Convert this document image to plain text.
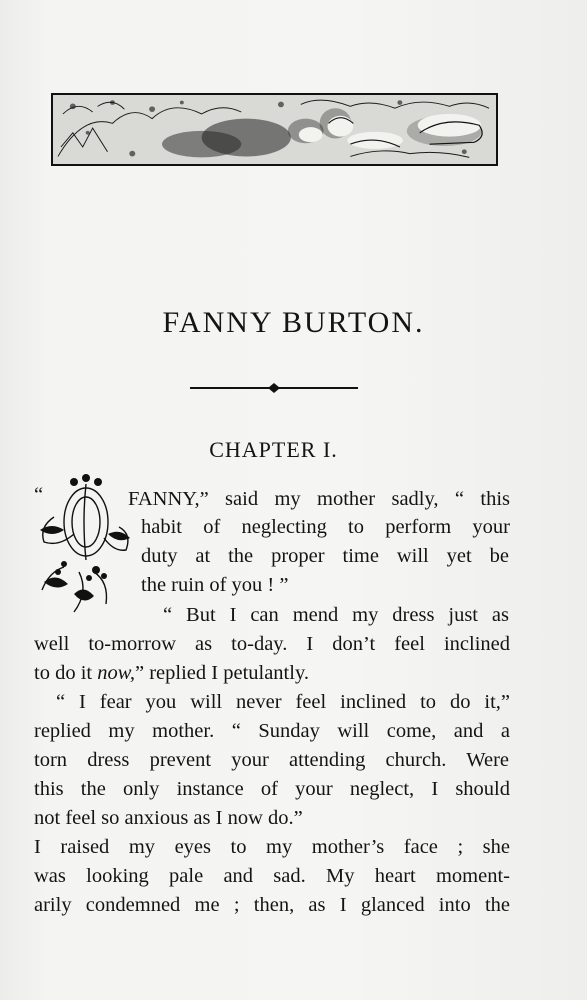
FANNY BURTON.
CHAPTER I.
“	FANNY,” said my mother sadly, “ this
habit of neglecting to perform your
duty at the proper time will yet be
the ruin of you ! ”
“ But I can mend my dress just as
well to-morrow as to-day. I don’t feel inclined
to do it now,” replied I petulantly.
“ I fear you will never feel inclined to do it,”
replied my mother. “ Sunday will come, and a
torn dress prevent your attending church. Were
this the only instance of your neglect, I should
not feel so anxious as I now do.”
I raised my eyes to my mother’s face ; she
was looking pale and sad. My heart moment-
arily condemned me ; then, as I glanced into the
